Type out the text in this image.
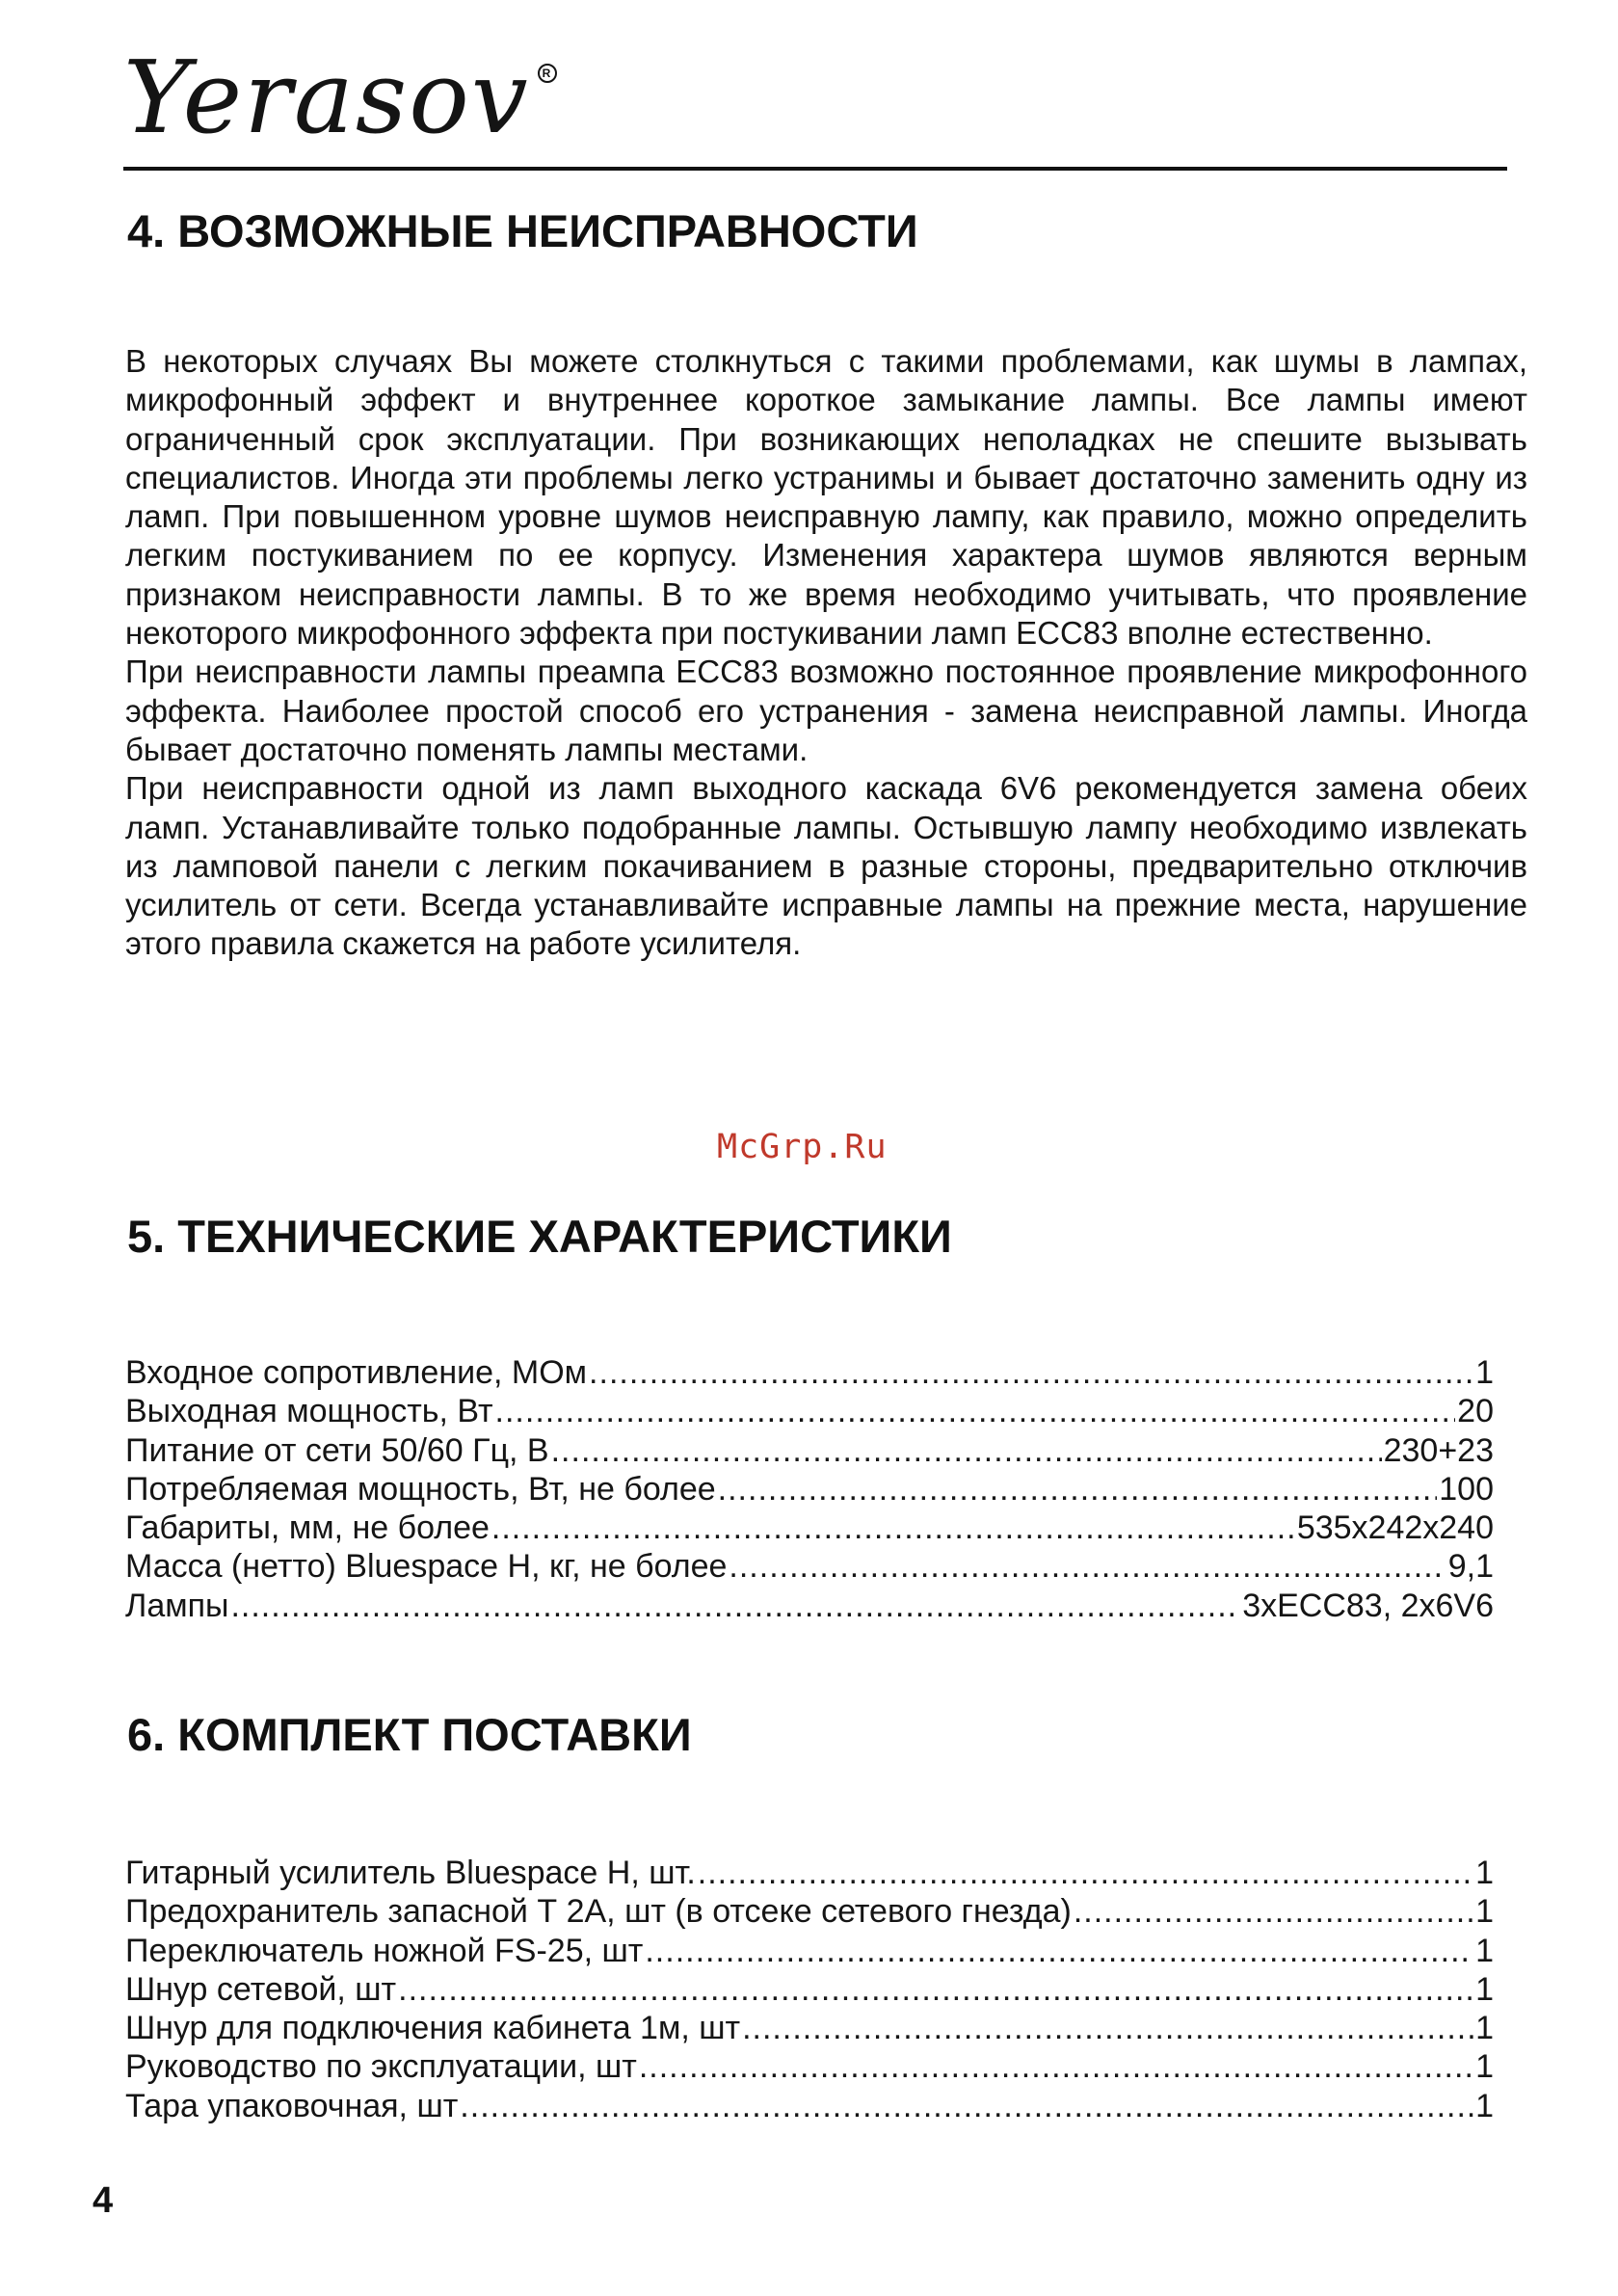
Yerasov	R
4. ВОЗМОЖНЫЕ НЕИСПРАВНОСТИ

В некоторых случаях Вы можете столкнуться с такими проблемами, как шумы в лампах, микрофонный эффект и внутреннее короткое замыкание лампы. Все лампы имеют ограниченный срок эксплуатации. При возникающих неполадках не спешите вызывать специалистов. Иногда эти проблемы легко устранимы и бывает достаточно заменить одну из ламп. При повышенном уровне шумов неисправную лампу, как правило, можно определить легким постукиванием по ее корпусу. Изменения характера шумов являются верным признаком неисправности лампы. В то же время необходимо учитывать, что проявление некоторого микрофонного эффекта при постукивании ламп ЕСС83 вполне естественно.

При неисправности лампы преампа ЕСС83 возможно постоянное проявление микрофонного эффекта. Наиболее простой способ его устранения - замена неисправной лампы. Иногда бывает достаточно поменять лампы местами.

При неисправности одной из ламп выходного каскада 6V6 рекомендуется замена обеих ламп. Устанавливайте только подобранные лампы. Остывшую лампу необходимо извлекать из ламповой панели с легким покачиванием в разные стороны, предварительно отключив усилитель от сети. Всегда устанавливайте исправные лампы на прежние места, нарушение этого правила скажется на работе усилителя.

McGrp.Ru
5. ТЕХНИЧЕСКИЕ ХАРАКТЕРИСТИКИ
Входное сопротивление, МОм .....	1
Выходная мощность, Вт .....	20
Питание от сети 50/60 Гц, В .....	230+23
Потребляемая мощность, Вт, не более .....	100
Габариты, мм, не более .....	535x242x240
Масса (нетто) Bluespace H, кг, не более .....	9,1
Лампы .....	3xECC83, 2x6V6
6. КОМПЛЕКТ ПОСТАВКИ
Гитарный усилитель Bluespace H, шт. .....	1
Предохранитель запасной Т 2А, шт (в отсеке сетевого гнезда) .....	1
Переключатель ножной FS-25, шт .....	1
Шнур сетевой, шт .....	1
Шнур для подключения кабинета 1м, шт .....	1
Руководство по эксплуатации, шт .....	1
Тара упаковочная, шт .....	1
4
